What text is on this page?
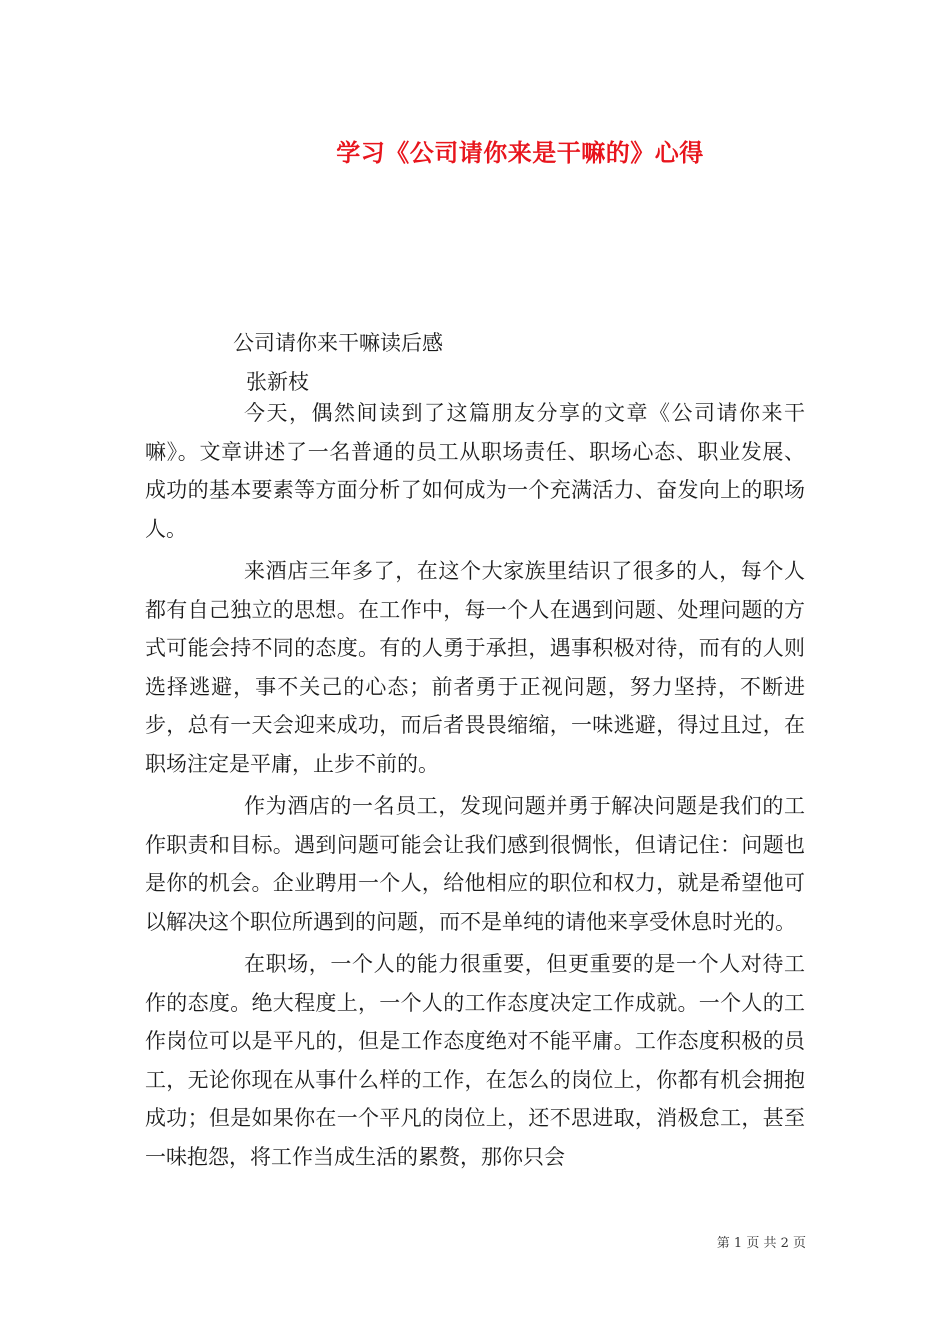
学习《公司请你来是干嘛的》心得
公司请你来干嘛读后感
张新枝

今天，偶然间读到了这篇朋友分享的文章《公司请你来干嘛》。文章讲述了一名普通的员工从职场责任、职场心态、职业发展、成功的基本要素等方面分析了如何成为一个充满活力、奋发向上的职场人。

来酒店三年多了，在这个大家族里结识了很多的人，每个人都有自己独立的思想。在工作中，每一个人在遇到问题、处理问题的方式可能会持不同的态度。有的人勇于承担，遇事积极对待，而有的人则选择逃避，事不关己的心态；前者勇于正视问题，努力坚持，不断进步，总有一天会迎来成功，而后者畏畏缩缩，一味逃避，得过且过，在职场注定是平庸，止步不前的。

作为酒店的一名员工，发现问题并勇于解决问题是我们的工作职责和目标。遇到问题可能会让我们感到很惆怅，但请记住：问题也是你的机会。企业聘用一个人，给他相应的职位和权力，就是希望他可以解决这个职位所遇到的问题，而不是单纯的请他来享受休息时光的。

在职场，一个人的能力很重要，但更重要的是一个人对待工作的态度。绝大程度上，一个人的工作态度决定工作成就。一个人的工作岗位可以是平凡的，但是工作态度绝对不能平庸。工作态度积极的员工，无论你现在从事什么样的工作，在怎么的岗位上，你都有机会拥抱成功；但是如果你在一个平凡的岗位上，还不思进取，消极怠工，甚至一味抱怨，将工作当成生活的累赘，那你只会

第 1 页 共 2 页
